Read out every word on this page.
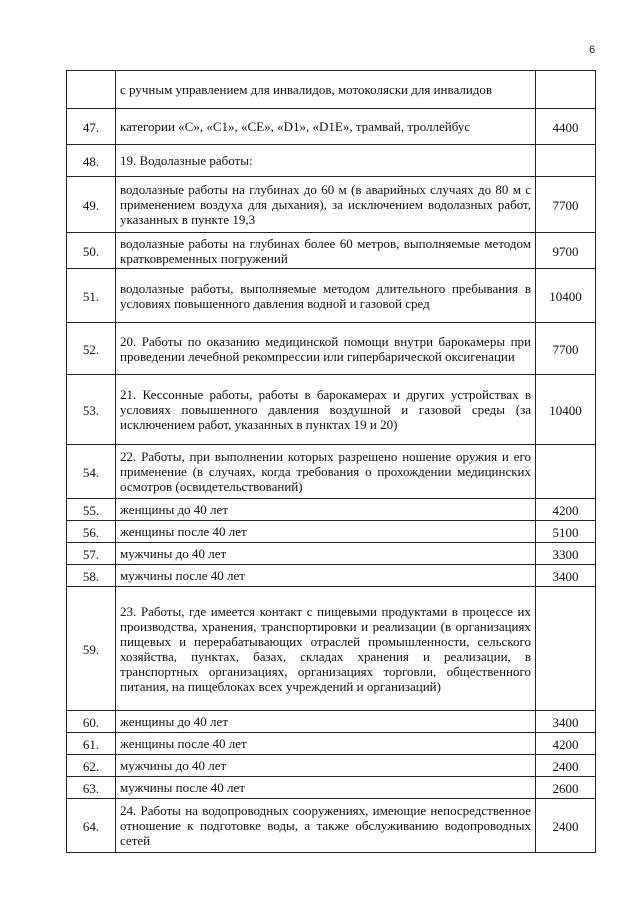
6
	с ручным управлением для инвалидов, мотоколяски для инвалидов	
47.	категории «С», «С1», «СЕ», «D1», «D1E», трамвай, троллейбус	4400
48.	19. Водолазные работы:	
49.	водолазные работы на глубинах до 60 м (в аварийных случаях до 80 м с применением воздуха для дыхания), за исключением водолазных работ, указанных в пункте 19,3	7700
50.	водолазные работы на глубинах более 60 метров, выполняемые методом кратковременных погружений	9700
51.	водолазные работы, выполняемые методом длительного пребывания в условиях повышенного давления водной и газовой сред	10400
52.	20. Работы по оказанию медицинской помощи внутри барокамеры при проведении лечебной рекомпрессии или гипербарической оксигенации	7700
53.	21. Кессонные работы, работы в барокамерах и других устройствах в условиях повышенного давления воздушной и газовой среды (за исключением работ, указанных в пунктах 19 и 20)	10400
54.	22. Работы, при выполнении которых разрешено ношение оружия и его применение (в случаях, когда требования о прохождении медицинских осмотров (освидетельствований)	
55.	женщины до 40 лет	4200
56.	женщины после 40 лет	5100
57.	мужчины до 40 лет	3300
58.	мужчины после 40 лет	3400
59.	23. Работы, где имеется контакт с пищевыми продуктами в процессе их производства, хранения, транспортировки и реализации (в организациях пищевых и перерабатывающих отраслей промышленности, сельского хозяйства, пунктах, базах, складах хранения и реализации, в транспортных организациях, организациях торговли, общественного питания, на пищеблоках всех учреждений и организаций)	
60.	женщины до 40 лет	3400
61.	женщины после 40 лет	4200
62.	мужчины до 40 лет	2400
63.	мужчины после 40 лет	2600
64.	24. Работы на водопроводных сооружениях, имеющие непосредственное отношение к подготовке воды, а также обслуживанию водопроводных сетей	2400
